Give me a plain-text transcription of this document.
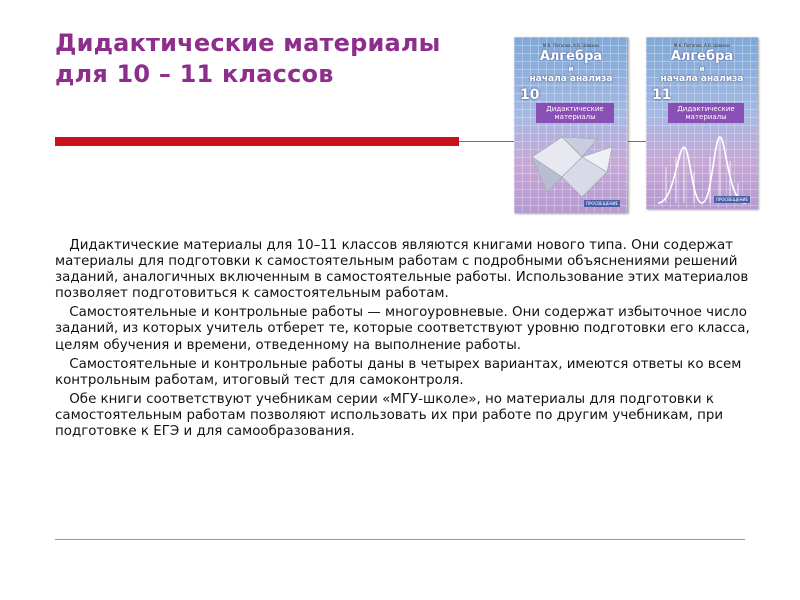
Дидактические материалы
для 10 – 11 классов
М.К. Потапов, А.В. Шевкин
Алгебра
и
начала анализа
10
Дидактические материалы
ПРОСВЕЩЕНИЕ
М.К. Потапов, А.В. Шевкин
Алгебра
и
начала анализа
11
Дидактические материалы
ПРОСВЕЩЕНИЕ

Дидактические материалы для 10–11 классов являются книгами нового типа. Они содержат материалы для подготовки к самостоятельным работам с подробными объяснениями решений заданий, аналогичных включенным в самостоятельные работы. Использование этих материалов позволяет подготовиться к самостоятельным работам.

Самостоятельные и контрольные работы — многоуровневые. Они содержат избыточное число заданий, из которых учитель отберет те, которые соответствуют уровню подготовки его класса, целям обучения и времени, отведенному на выполнение работы.

Самостоятельные и контрольные работы даны в четырех вариантах, имеются ответы ко всем контрольным работам, итоговый тест для самоконтроля.

Обе книги соответствуют учебникам серии «МГУ-школе», но материалы для подготовки к самостоятельным работам позволяют использовать их при работе по другим учебникам, при подготовке к ЕГЭ и для самообразования.
